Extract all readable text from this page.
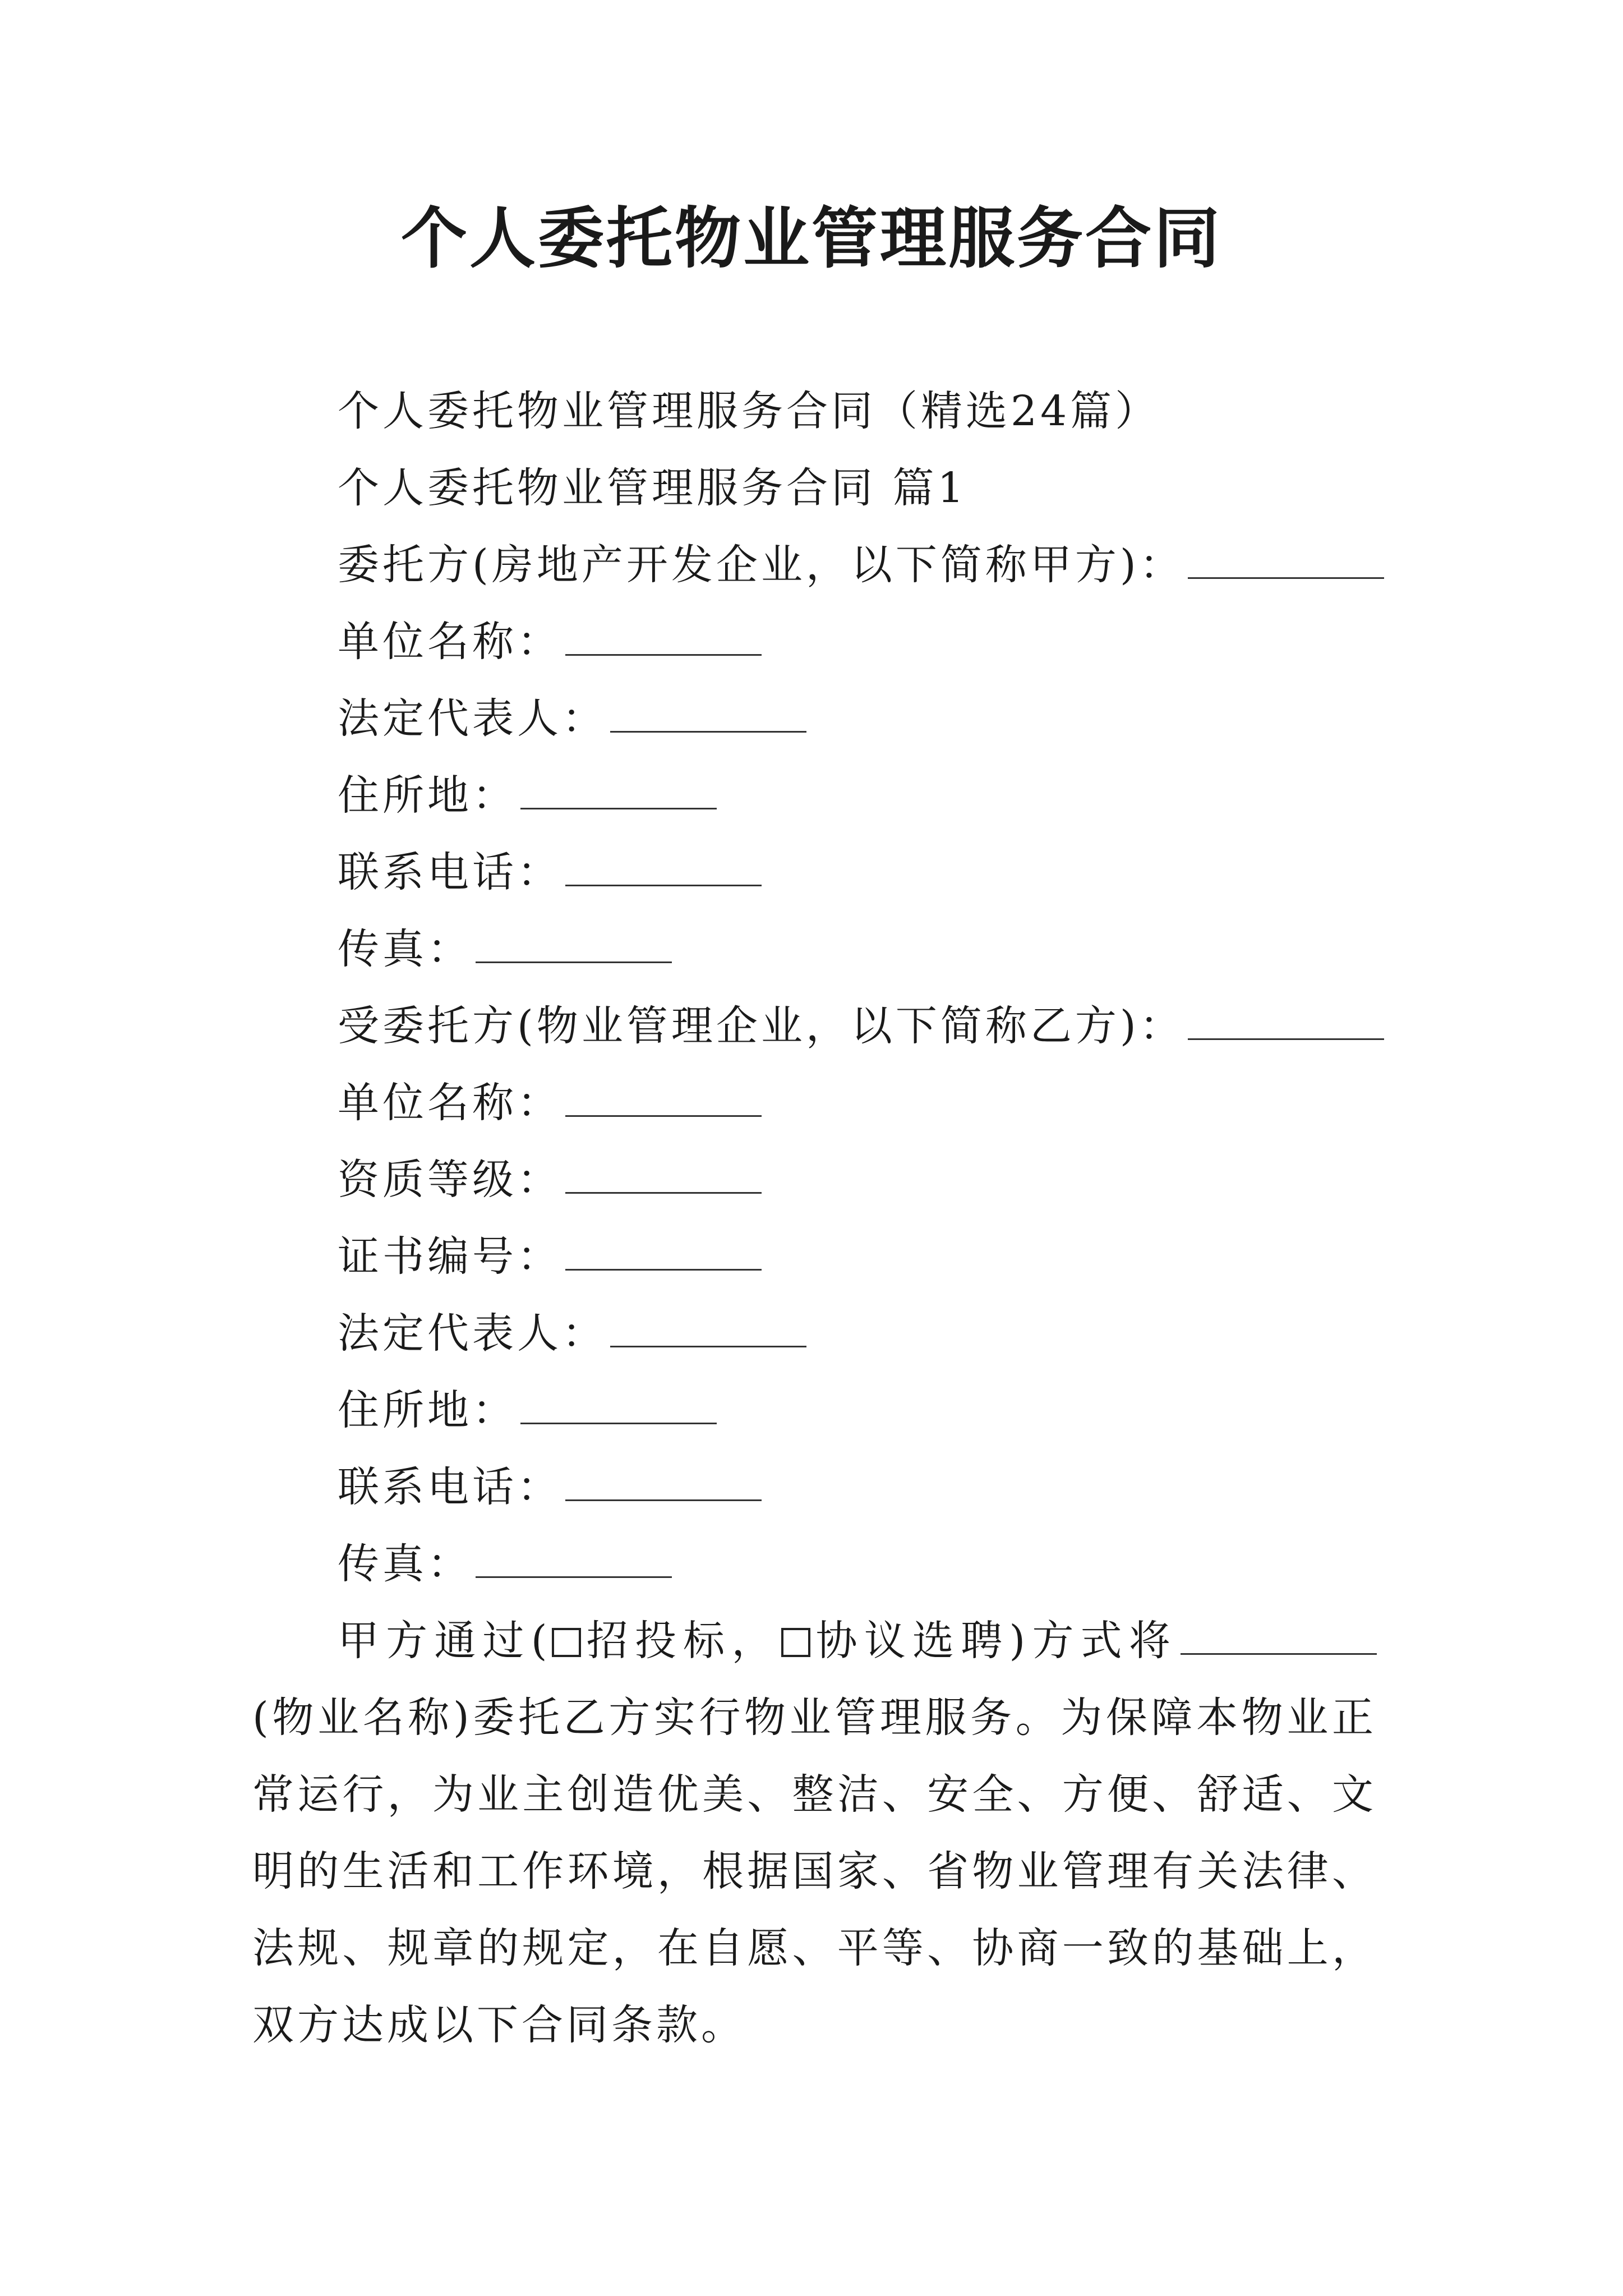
个人委托物业管理服务合同
个人委托物业管理服务合同（精选24篇）
个人委托物业管理服务合同 篇1
委托方(房地产开发企业，以下简称甲方)：
单位名称：
法定代表人：
住所地：
联系电话：
传真：
受委托方(物业管理企业，以下简称乙方)：
单位名称：
资质等级：
证书编号：
法定代表人：
住所地：
联系电话：
传真：
甲方通过( 招投标， 协议选聘)方式将(物业名称)委托乙方实行物业管理服务。为保障本物业正常运行，为业主创造优美、整洁、安全、方便、舒适、文明的生活和工作环境，根据国家、省物业管理有关法律、法规、规章的规定，在自愿、平等、协商一致的基础上，双方达成以下合同条款。
